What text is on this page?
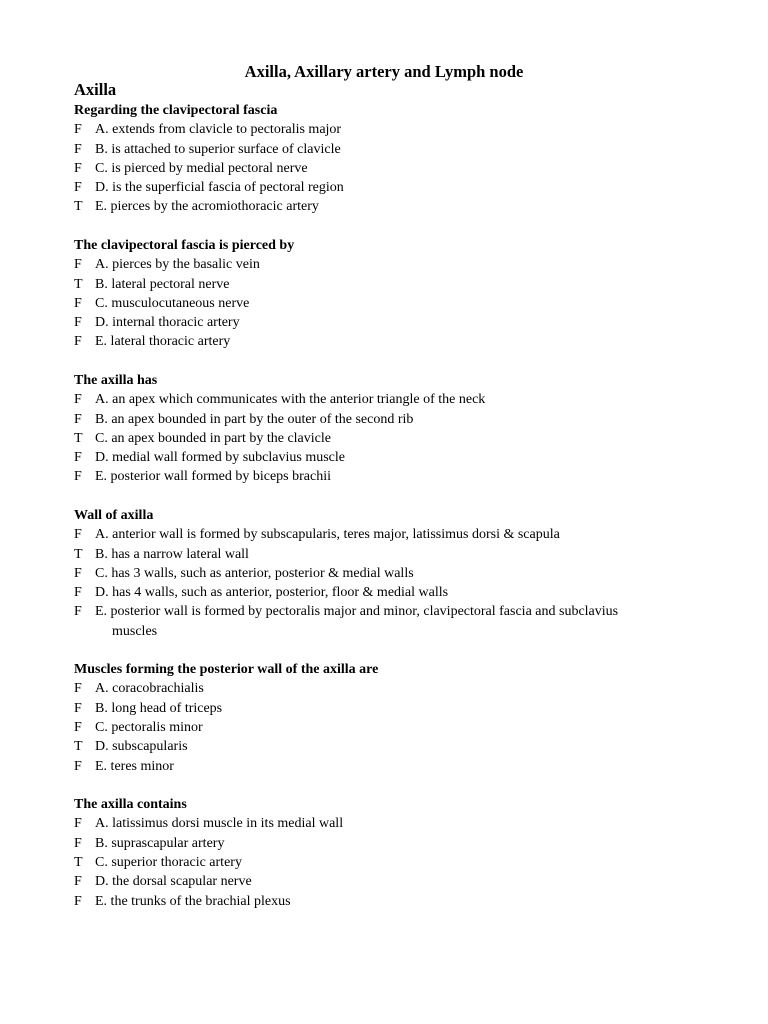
Axilla, Axillary artery and Lymph node
Axilla
Regarding the clavipectoral fascia
F A. extends from clavicle to pectoralis major
F B. is attached to superior surface of clavicle
F C. is pierced by medial pectoral nerve
F D. is the superficial fascia of pectoral region
T E. pierces by the acromiothoracic artery
The clavipectoral fascia is pierced by
F A. pierces by the basalic vein
T B. lateral pectoral nerve
F C. musculocutaneous nerve
F D. internal thoracic artery
F E. lateral thoracic artery
The axilla has
F A. an apex which communicates with the anterior triangle of the neck
F B. an apex bounded in part by the outer of the second rib
T C. an apex bounded in part by the clavicle
F D. medial wall formed by subclavius muscle
F E. posterior wall formed by biceps brachii
Wall of axilla
F A. anterior wall is formed by subscapularis, teres major, latissimus dorsi & scapula
T B. has a narrow lateral wall
F C. has 3 walls, such as anterior, posterior & medial walls
F D. has 4 walls, such as anterior, posterior, floor & medial walls
F E. posterior wall is formed by pectoralis major and minor, clavipectoral fascia and subclavius
muscles
Muscles forming the posterior wall of the axilla are
F A. coracobrachialis
F B. long head of triceps
F C. pectoralis minor
T D. subscapularis
F E. teres minor
The axilla contains
F A. latissimus dorsi muscle in its medial wall
F B. suprascapular artery
T C. superior thoracic artery
F D. the dorsal scapular nerve
F E. the trunks of the brachial plexus
